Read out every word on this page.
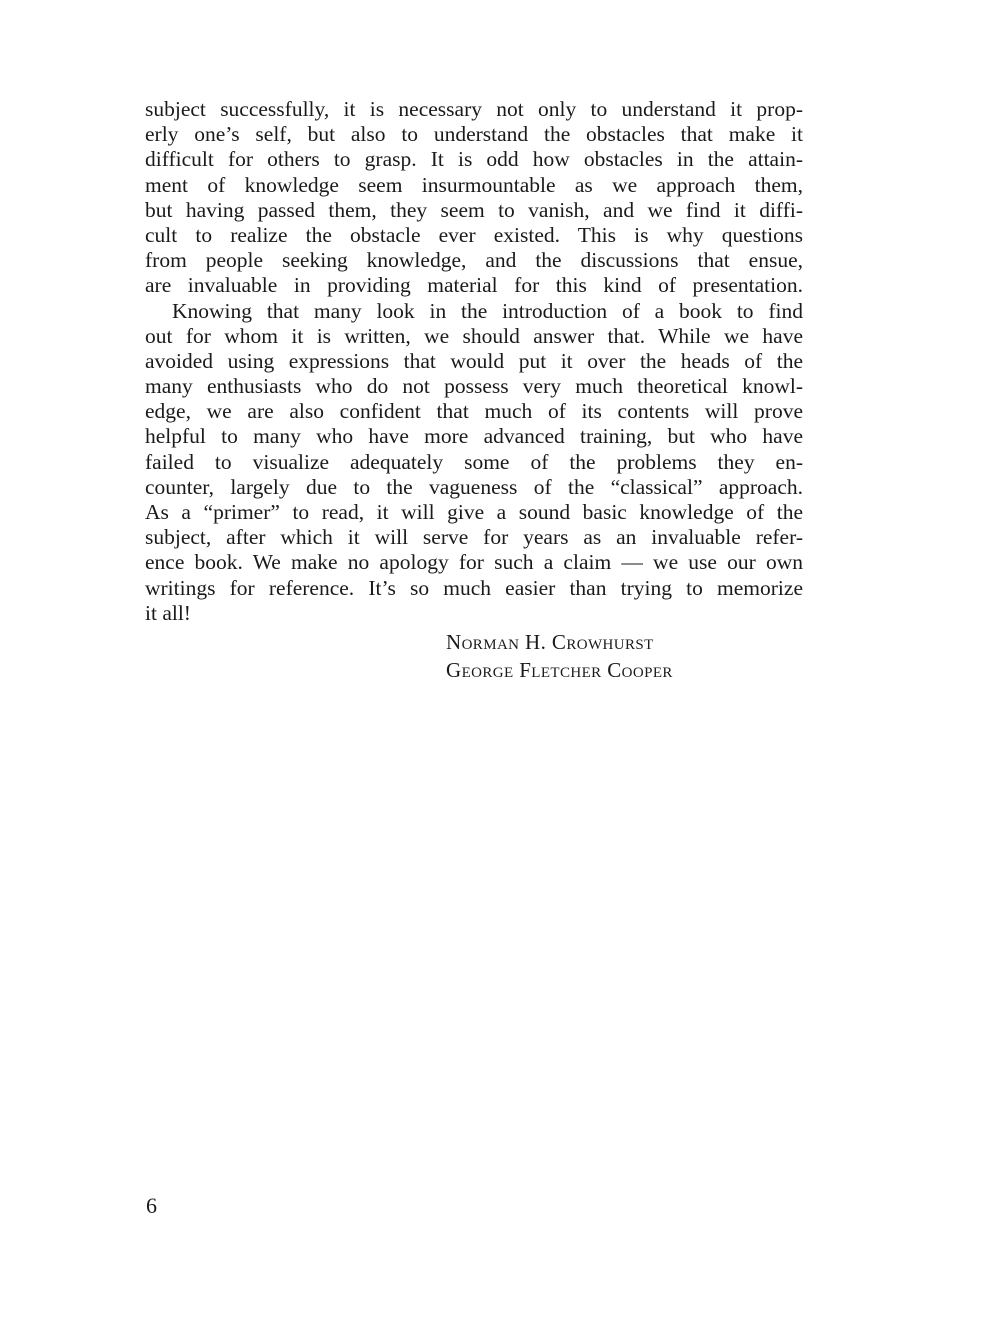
subject successfully, it is necessary not only to understand it prop-
erly one’s self, but also to understand the obstacles that make it
difficult for others to grasp. It is odd how obstacles in the attain-
ment of knowledge seem insurmountable as we approach them,
but having passed them, they seem to vanish, and we find it diffi-
cult to realize the obstacle ever existed. This is why questions
from people seeking knowledge, and the discussions that ensue,
are invaluable in providing material for this kind of presentation.
Knowing that many look in the introduction of a book to find
out for whom it is written, we should answer that. While we have
avoided using expressions that would put it over the heads of the
many enthusiasts who do not possess very much theoretical knowl-
edge, we are also confident that much of its contents will prove
helpful to many who have more advanced training, but who have
failed to visualize adequately some of the problems they en-
counter, largely due to the vagueness of the “classical” approach.
As a “primer” to read, it will give a sound basic knowledge of the
subject, after which it will serve for years as an invaluable refer-
ence book. We make no apology for such a claim — we use our own
writings for reference. It’s so much easier than trying to memorize
it all!
Norman H. Crowhurst
George Fletcher Cooper
6
